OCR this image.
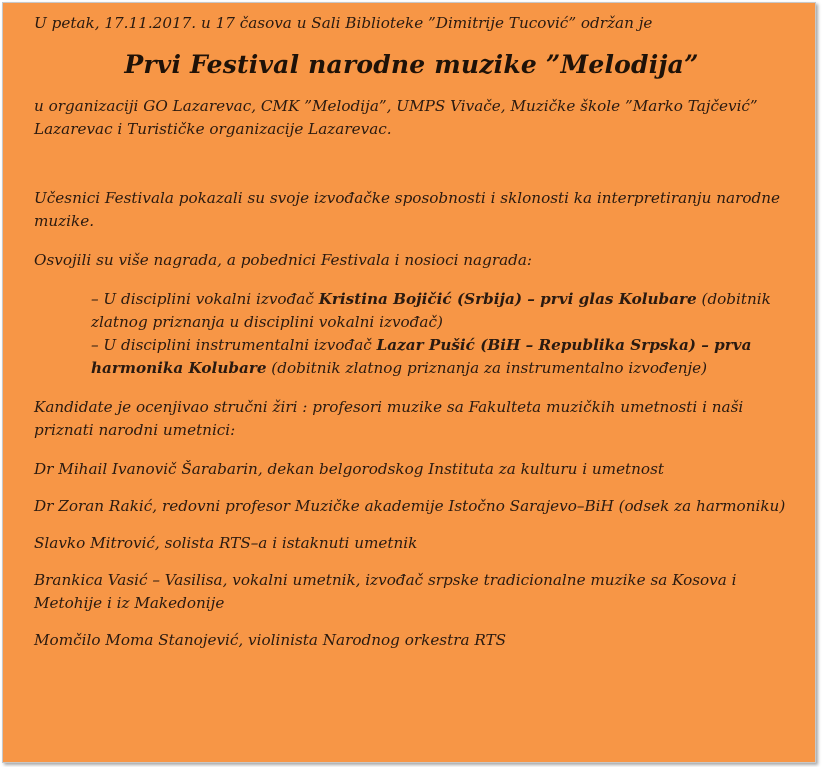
U petak, 17.11.2017. u 17 časova u Sali Biblioteke ”Dimitrije Tucović” održan je

Prvi Festival narodne muzike ”Melodija”

u organizaciji GO Lazarevac, CMK ”Melodija”, UMPS Vivače, Muzičke škole ”Marko Tajčević” Lazarevac i Turističke organizacije Lazarevac.

Učesnici Festivala pokazali su svoje izvođačke sposobnosti i sklonosti ka interpretiranju narodne muzike.

Osvojili su više nagrada, a pobednici Festivala i nosioci nagrada:

– U disciplini vokalni izvođač Kristina Bojičić (Srbija) – prvi glas Kolubare (dobitnik zlatnog priznanja u disciplini vokalni izvođač)

– U disciplini instrumentalni izvođač Lazar Pušić (BiH – Republika Srpska) – prva harmonika Kolubare (dobitnik zlatnog priznanja za instrumentalno izvođenje)

Kandidate je ocenjivao stručni žiri : profesori muzike sa Fakulteta muzičkih umetnosti i naši priznati narodni umetnici:

Dr Mihail Ivanovič Šarabarin, dekan belgorodskog Instituta za kulturu i umetnost

Dr Zoran Rakić, redovni profesor Muzičke akademije Istočno Sarajevo–BiH (odsek za harmoniku)

Slavko Mitrović, solista RTS–a i istaknuti umetnik

Brankica Vasić – Vasilisa, vokalni umetnik, izvođač srpske tradicionalne muzike sa Kosova i Metohije i iz Makedonije

Momčilo Moma Stanojević, violinista Narodnog orkestra RTS
